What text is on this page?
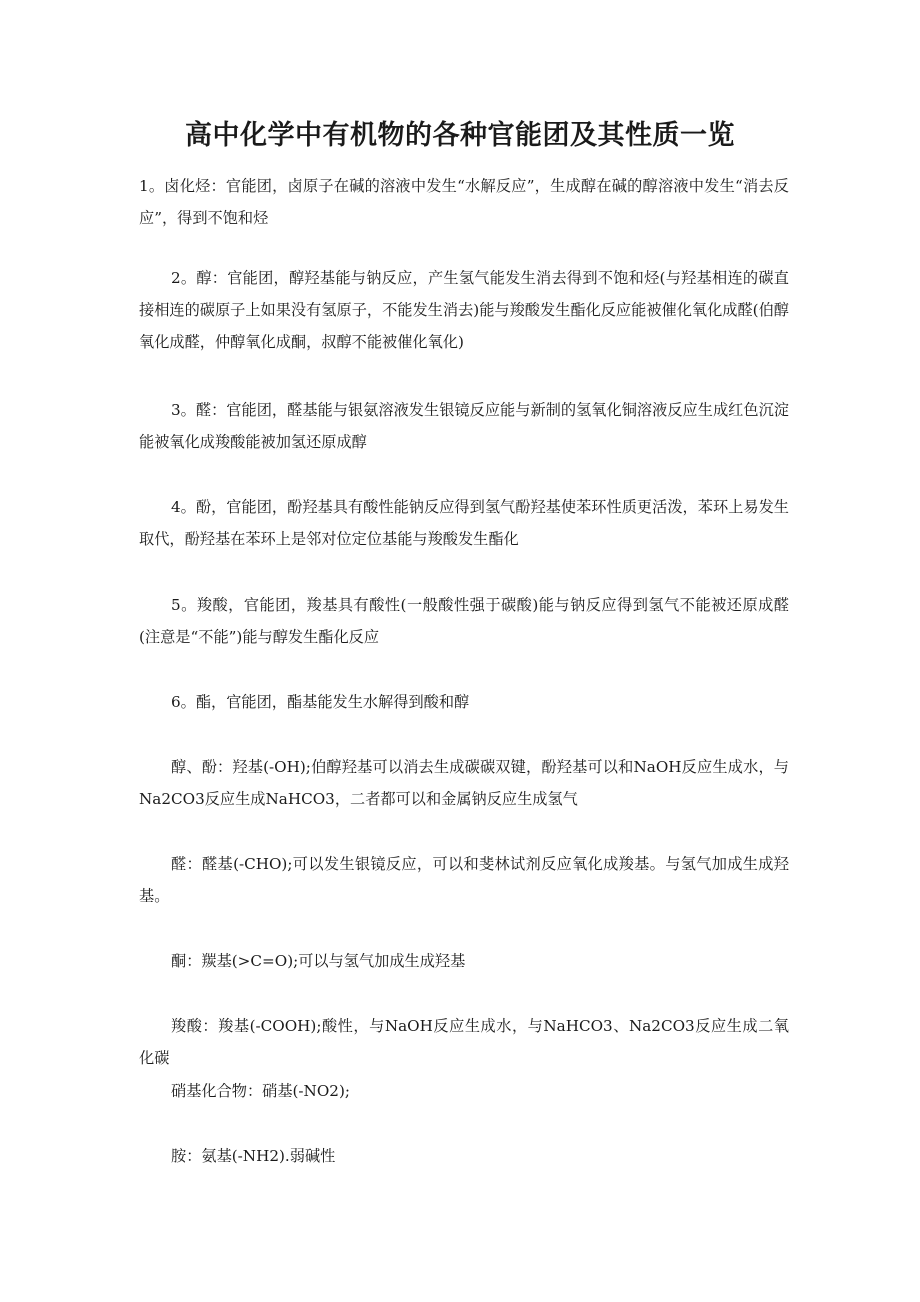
高中化学中有机物的各种官能团及其性质一览

1。卤化烃：官能团，卤原子在碱的溶液中发生“水解反应”，生成醇在碱的醇溶液中发生“消去反应”，得到不饱和烃

2。醇：官能团，醇羟基能与钠反应，产生氢气能发生消去得到不饱和烃(与羟基相连的碳直接相连的碳原子上如果没有氢原子，不能发生消去)能与羧酸发生酯化反应能被催化氧化成醛(伯醇氧化成醛，仲醇氧化成酮，叔醇不能被催化氧化)

3。醛：官能团，醛基能与银氨溶液发生银镜反应能与新制的氢氧化铜溶液反应生成红色沉淀能被氧化成羧酸能被加氢还原成醇

4。酚，官能团，酚羟基具有酸性能钠反应得到氢气酚羟基使苯环性质更活泼，苯环上易发生取代，酚羟基在苯环上是邻对位定位基能与羧酸发生酯化

5。羧酸，官能团，羧基具有酸性(一般酸性强于碳酸)能与钠反应得到氢气不能被还原成醛(注意是“不能”)能与醇发生酯化反应

6。酯，官能团，酯基能发生水解得到酸和醇

醇、酚：羟基(-OH);伯醇羟基可以消去生成碳碳双键，酚羟基可以和NaOH反应生成水，与Na2CO3反应生成NaHCO3，二者都可以和金属钠反应生成氢气

醛：醛基(-CHO);可以发生银镜反应，可以和斐林试剂反应氧化成羧基。与氢气加成生成羟基。

酮：羰基(>C=O);可以与氢气加成生成羟基

羧酸：羧基(-COOH);酸性，与NaOH反应生成水，与NaHCO3、Na2CO3反应生成二氧化碳

硝基化合物：硝基(-NO2);

胺：氨基(-NH2).弱碱性
